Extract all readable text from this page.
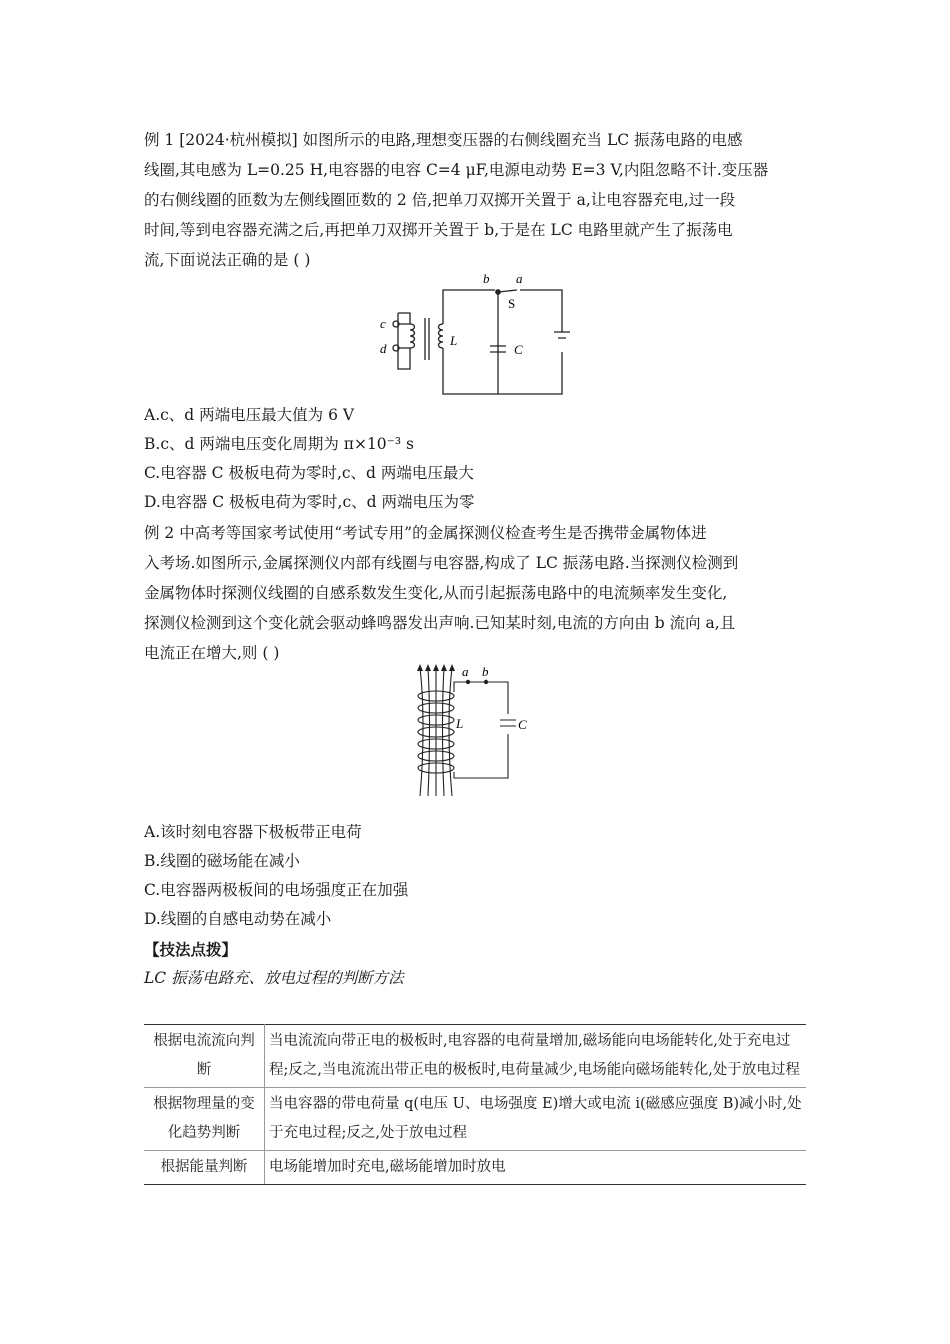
例 1 [2024·杭州模拟] 如图所示的电路,理想变压器的右侧线圈充当 LC 振荡电路的电感

线圈,其电感为 L=0.25 H,电容器的电容 C=4 μF,电源电动势 E=3 V,内阻忽略不计.变压器

的右侧线圈的匝数为左侧线圈匝数的 2 倍,把单刀双掷开关置于 a,让电容器充电,过一段

时间,等到电容器充满之后,再把单刀双掷开关置于 b,于是在 LC 电路里就产生了振荡电

流,下面说法正确的是 ( )

b a
S
c
d
L
C

A.c、d 两端电压最大值为 6 V

B.c、d 两端电压变化周期为 π×10⁻³ s

C.电容器 C 极板电荷为零时,c、d 两端电压最大

D.电容器 C 极板电荷为零时,c、d 两端电压为零

例 2 中高考等国家考试使用“考试专用”的金属探测仪检查考生是否携带金属物体进

入考场.如图所示,金属探测仪内部有线圈与电容器,构成了 LC 振荡电路.当探测仪检测到

金属物体时探测仪线圈的自感系数发生变化,从而引起振荡电路中的电流频率发生变化,

探测仪检测到这个变化就会驱动蜂鸣器发出声响.已知某时刻,电流的方向由 b 流向 a,且

电流正在增大,则 ( )

a b
L	C

A.该时刻电容器下极板带正电荷

B.线圈的磁场能在减小

C.电容器两极板间的电场强度正在加强

D.线圈的自感电动势在减小

【技法点拨】
LC 振荡电路充、放电过程的判断方法
根据电流流向判断	当电流流向带正电的极板时,电容器的电荷量增加,磁场能向电场能转化,处于充电过程;反之,当电流流出带正电的极板时,电荷量减少,电场能向磁场能转化,处于放电过程
根据物理量的变化趋势判断	当电容器的带电荷量 q(电压 U、电场强度 E)增大或电流 i(磁感应强度 B)减小时,处于充电过程;反之,处于放电过程
根据能量判断	电场能增加时充电,磁场能增加时放电
